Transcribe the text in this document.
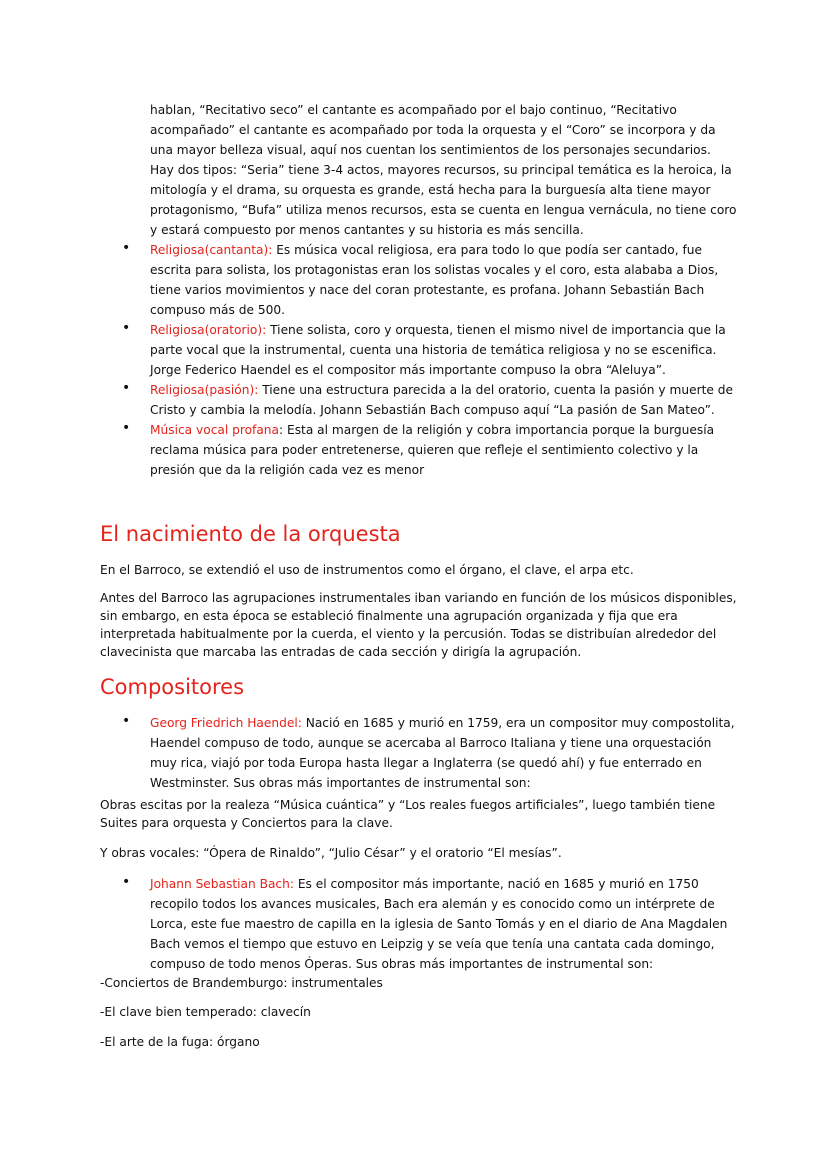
hablan, “Recitativo seco” el cantante es acompañado por el bajo continuo, “Recitativo acompañado” el cantante es acompañado por toda la orquesta y el “Coro” se incorpora y da una mayor belleza visual, aquí nos cuentan los sentimientos de los personajes secundarios. Hay dos tipos: “Seria” tiene 3-4 actos, mayores recursos, su principal temática es la heroica, la mitología y el drama, su orquesta es grande, está hecha para la burguesía alta tiene mayor protagonismo, “Bufa” utiliza menos recursos, esta se cuenta en lengua vernácula, no tiene coro y estará compuesto por menos cantantes y su historia es más sencilla.
• Religiosa(cantanta): Es música vocal religiosa, era para todo lo que podía ser cantado, fue escrita para solista, los protagonistas eran los solistas vocales y el coro, esta alababa a Dios, tiene varios movimientos y nace del coran protestante, es profana. Johann Sebastián Bach compuso más de 500.
• Religiosa(oratorio): Tiene solista, coro y orquesta, tienen el mismo nivel de importancia que la parte vocal que la instrumental, cuenta una historia de temática religiosa y no se escenifica. Jorge Federico Haendel es el compositor más importante compuso la obra “Aleluya”.
• Religiosa(pasión): Tiene una estructura parecida a la del oratorio, cuenta la pasión y muerte de Cristo y cambia la melodía. Johann Sebastián Bach compuso aquí “La pasión de San Mateo”.
• Música vocal profana: Esta al margen de la religión y cobra importancia porque la burguesía reclama música para poder entretenerse, quieren que refleje el sentimiento colectivo y la presión que da la religión cada vez es menor
El nacimiento de la orquesta

En el Barroco, se extendió el uso de instrumentos como el órgano, el clave, el arpa etc.

Antes del Barroco las agrupaciones instrumentales iban variando en función de los músicos disponibles, sin embargo, en esta época se estableció finalmente una agrupación organizada y fija que era interpretada habitualmente por la cuerda, el viento y la percusión. Todas se distribuían alrededor del clavecinista que marcaba las entradas de cada sección y dirigía la agrupación.

Compositores
• Georg Friedrich Haendel: Nació en 1685 y murió en 1759, era un compositor muy compostolita, Haendel compuso de todo, aunque se acercaba al Barroco Italiana y tiene una orquestación muy rica, viajó por toda Europa hasta llegar a Inglaterra (se quedó ahí) y fue enterrado en Westminster. Sus obras más importantes de instrumental son:

Obras escitas por la realeza “Música cuántica” y “Los reales fuegos artificiales”, luego también tiene Suites para orquesta y Conciertos para la clave.

Y obras vocales: “Ópera de Rinaldo”, “Julio César” y el oratorio “El mesías”.

• Johann Sebastian Bach: Es el compositor más importante, nació en 1685 y murió en 1750 recopilo todos los avances musicales, Bach era alemán y es conocido como un intérprete de Lorca, este fue maestro de capilla en la iglesia de Santo Tomás y en el diario de Ana Magdalen Bach vemos el tiempo que estuvo en Leipzig y se veía que tenía una cantata cada domingo, compuso de todo menos Óperas. Sus obras más importantes de instrumental son:

-Conciertos de Brandemburgo: instrumentales

-El clave bien temperado: clavecín

-El arte de la fuga: órgano
